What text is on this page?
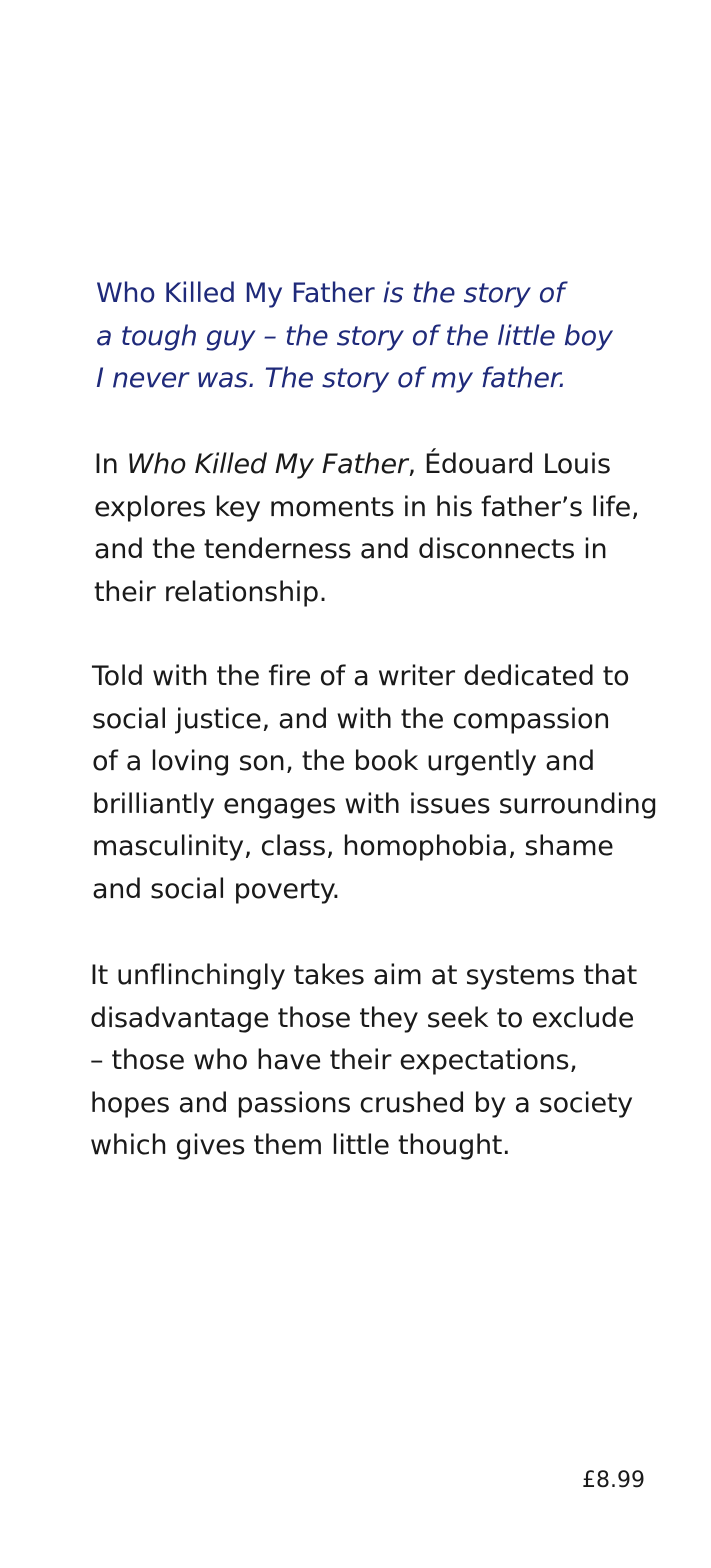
Who Killed My Father is the story of
a tough guy – the story of the little boy
I never was. The story of my father.
In Who Killed My Father, Édouard Louis
explores key moments in his father’s life,
and the tenderness and disconnects in
their relationship.
Told with the fire of a writer dedicated to
social justice, and with the compassion
of a loving son, the book urgently and
brilliantly engages with issues surrounding
masculinity, class, homophobia, shame
and social poverty.
It unflinchingly takes aim at systems that
disadvantage those they seek to exclude
– those who have their expectations,
hopes and passions crushed by a society
which gives them little thought.
£8.99
